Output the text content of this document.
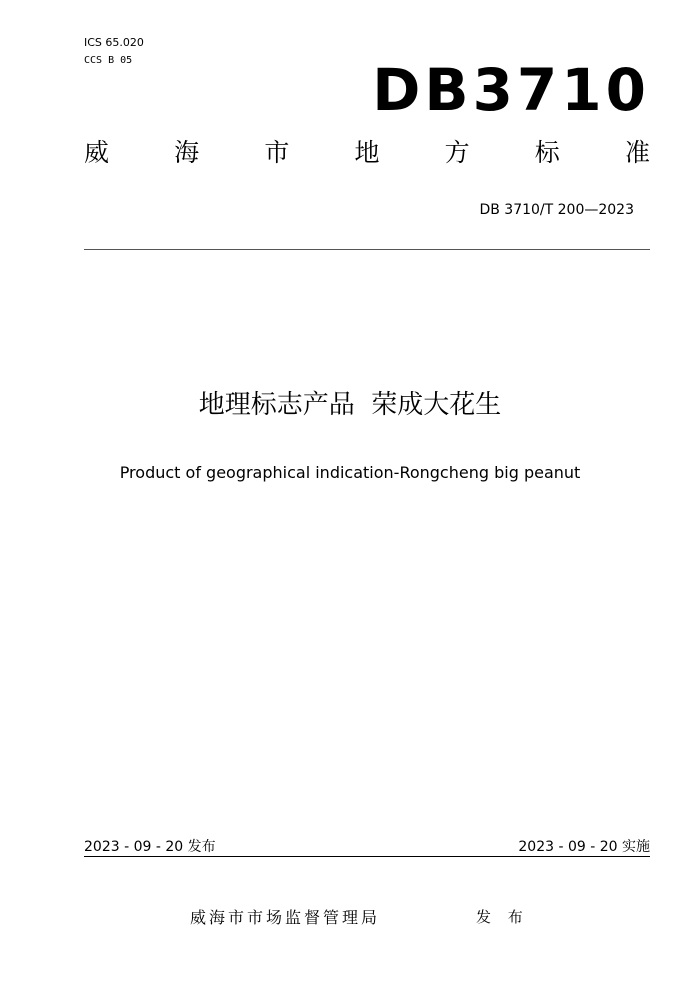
ICS 65.020
CCS B 05	DB3710
威	海	市	地	方	标	准
DB 3710/T 200—2023
地理标志产品  荣成大花生
Product of geographical indication-Rongcheng big peanut
2023 - 09 - 20 发布	2023 - 09 - 20 实施
威海市市场监督管理局	发 布
